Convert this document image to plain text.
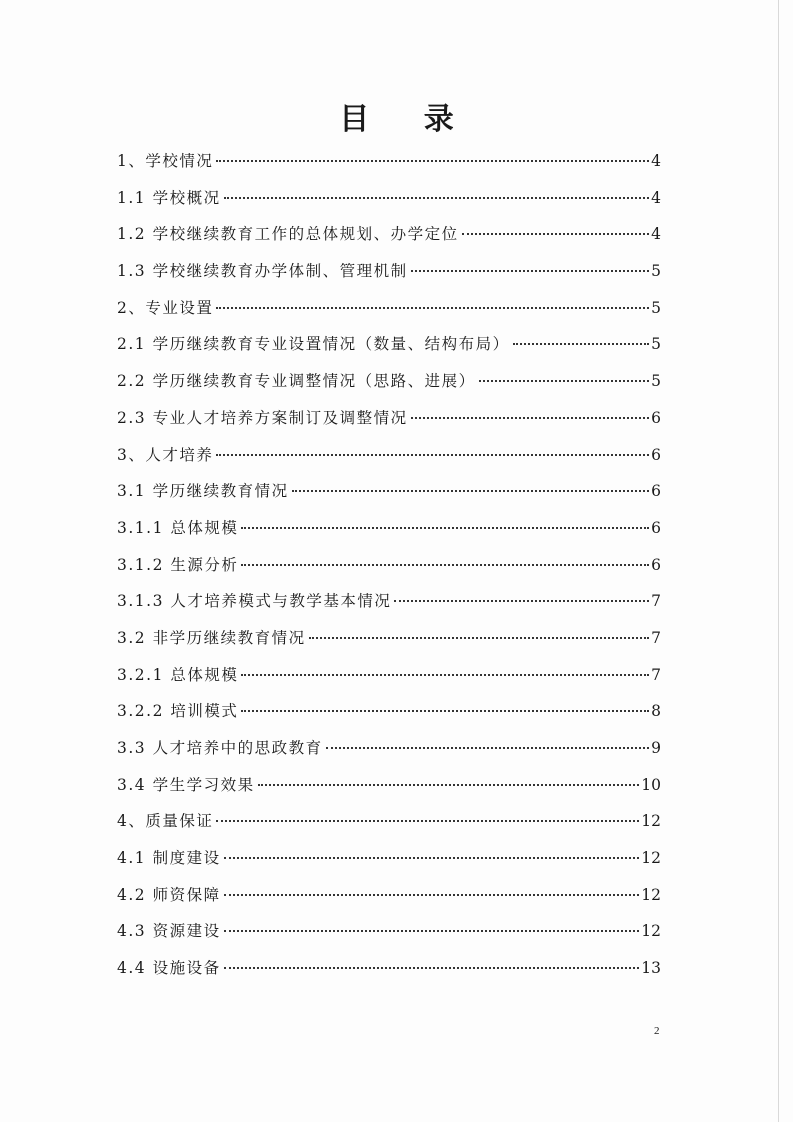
目 录
1、学校情况	4
1.1 学校概况	4
1.2 学校继续教育工作的总体规划、办学定位	4
1.3 学校继续教育办学体制、管理机制	5
2、专业设置	5
2.1 学历继续教育专业设置情况（数量、结构布局）	5
2.2 学历继续教育专业调整情况（思路、进展）	5
2.3 专业人才培养方案制订及调整情况	6
3、人才培养	6
3.1 学历继续教育情况	6
3.1.1 总体规模	6
3.1.2 生源分析	6
3.1.3 人才培养模式与教学基本情况	7
3.2 非学历继续教育情况	7
3.2.1 总体规模	7
3.2.2 培训模式	8
3.3 人才培养中的思政教育	9
3.4 学生学习效果	10
4、质量保证	12
4.1 制度建设	12
4.2 师资保障	12
4.3 资源建设	12
4.4 设施设备	13
2
